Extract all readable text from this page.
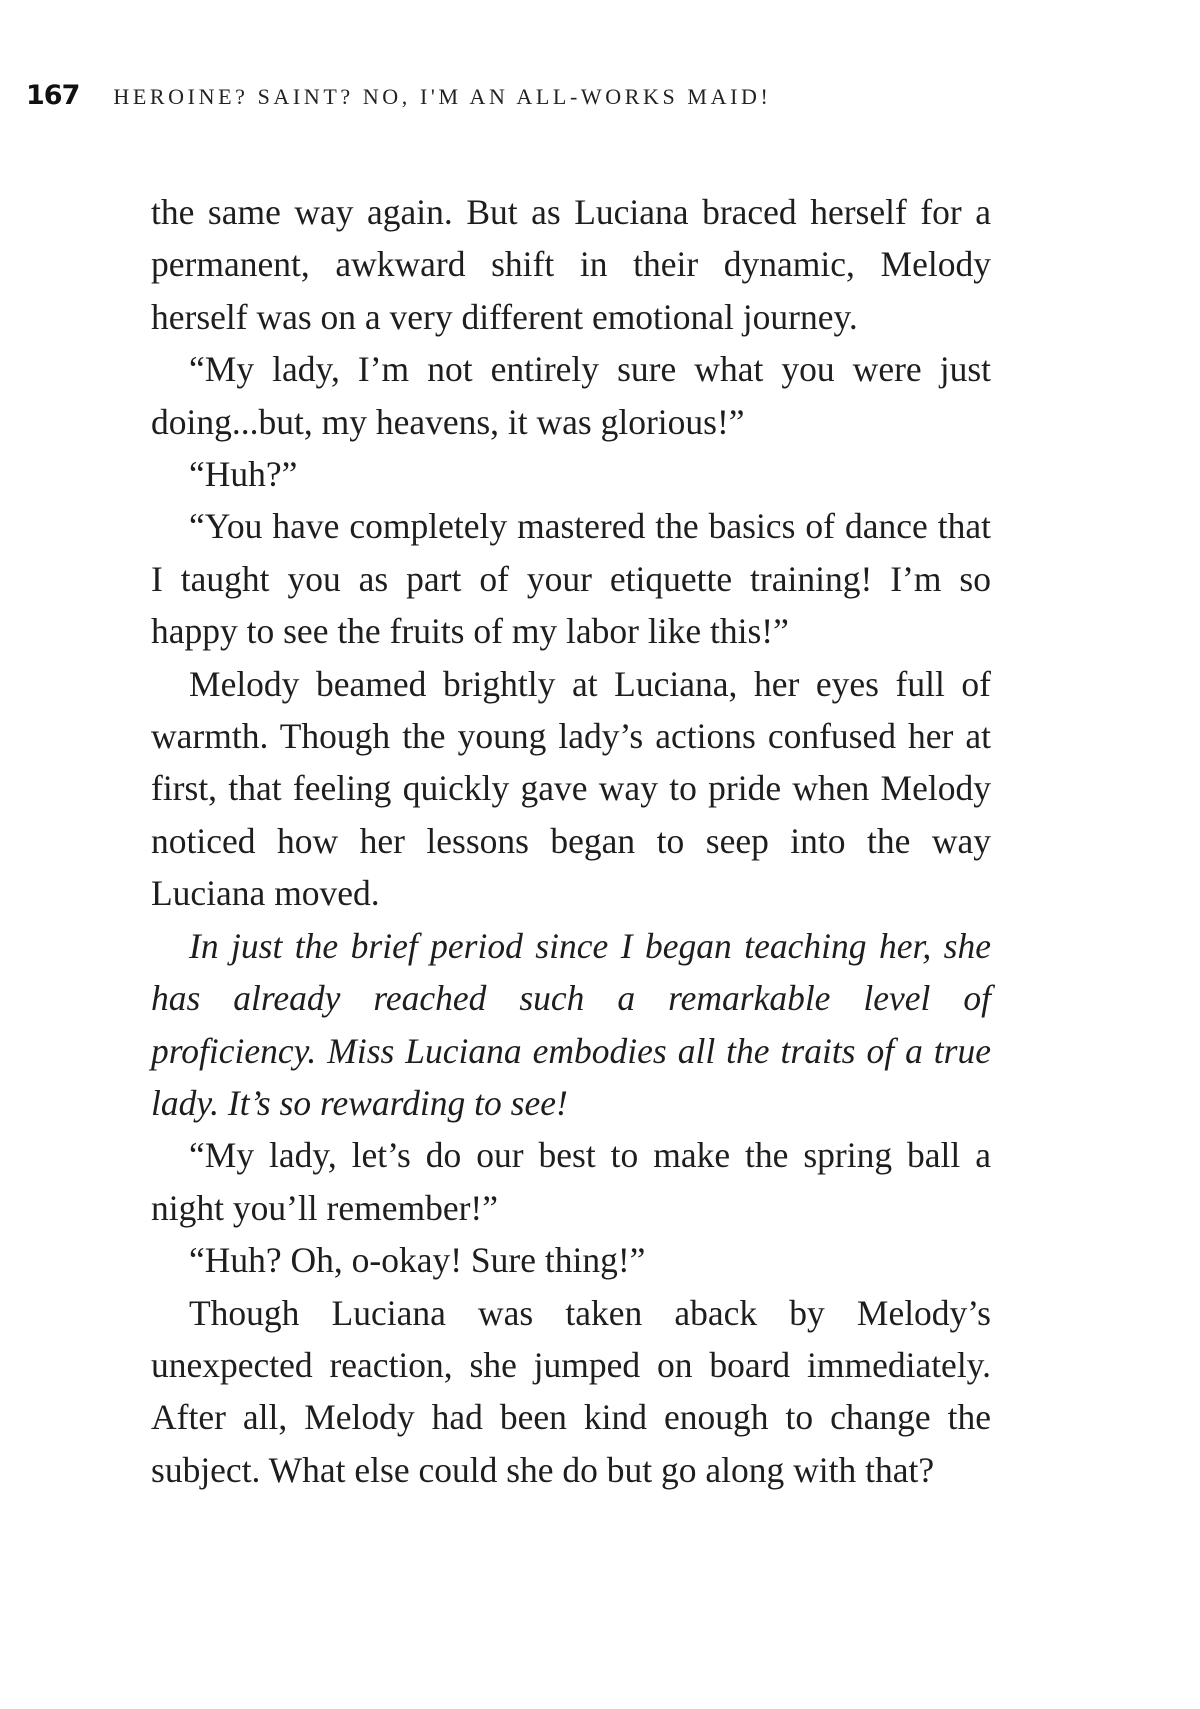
167 HEROINE? SAINT? NO, I'M AN ALL-WORKS MAID!

the same way again. But as Luciana braced herself for a permanent, awkward shift in their dynamic, Melody herself was on a very different emotional journey.

“My lady, I’m not entirely sure what you were just doing...but, my heavens, it was glorious!”

“Huh?”

“You have completely mastered the basics of dance that I taught you as part of your etiquette training! I’m so happy to see the fruits of my labor like this!”

Melody beamed brightly at Luciana, her eyes full of warmth. Though the young lady’s actions confused her at first, that feeling quickly gave way to pride when Melody noticed how her lessons began to seep into the way Luciana moved.

In just the brief period since I began teaching her, she has already reached such a remarkable level of proficiency. Miss Luciana embodies all the traits of a true lady. It’s so rewarding to see!

“My lady, let’s do our best to make the spring ball a night you’ll remember!”

“Huh? Oh, o-okay! Sure thing!”

Though Luciana was taken aback by Melody’s unexpected reaction, she jumped on board immediately. After all, Melody had been kind enough to change the subject. What else could she do but go along with that?
